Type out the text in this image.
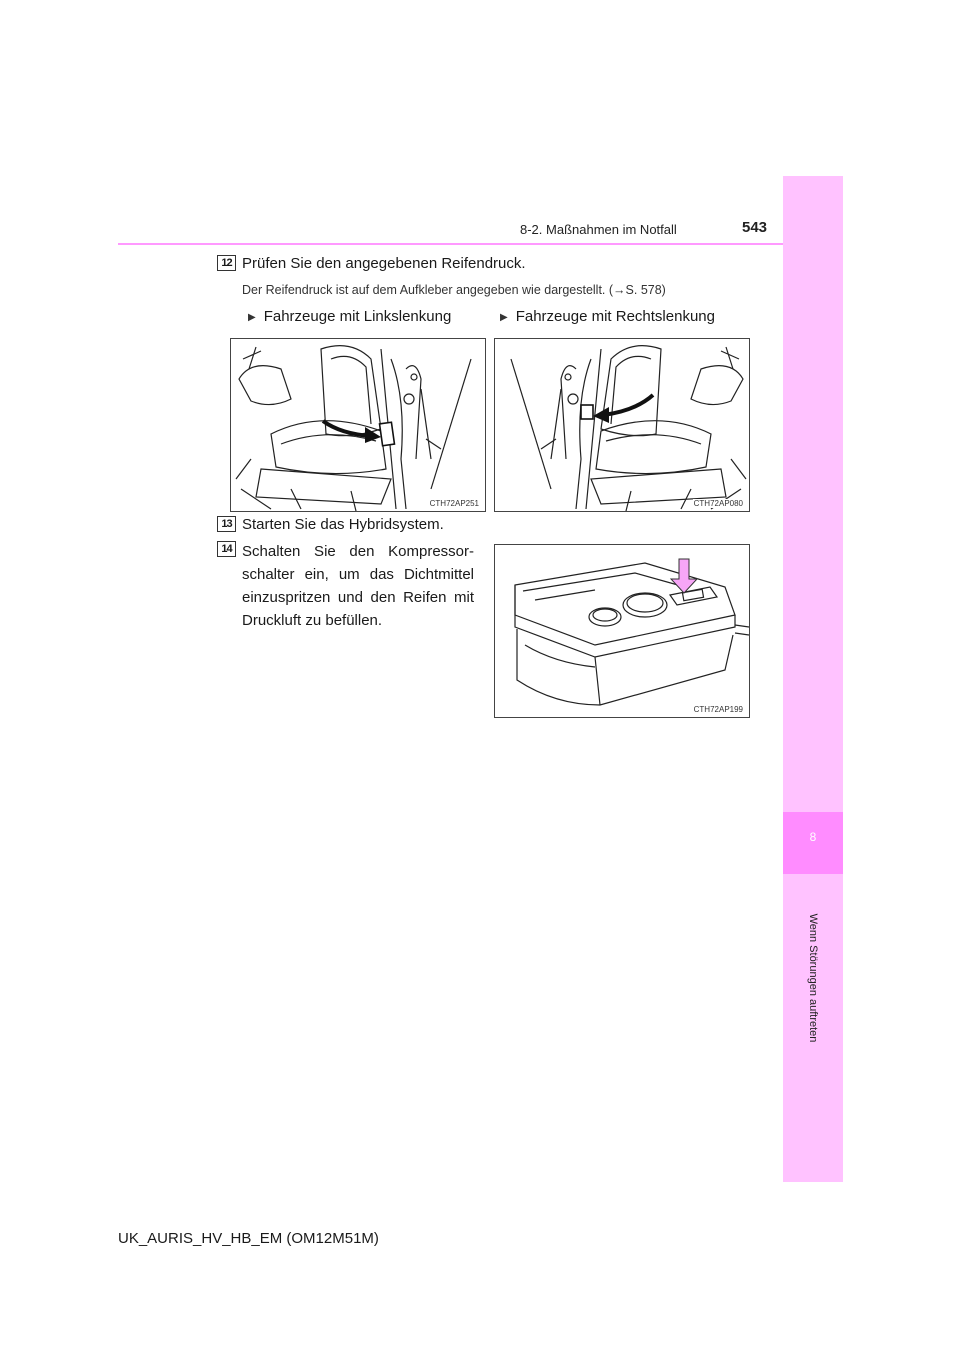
8
Wenn Störungen auftreten
8-2. Maßnahmen im Notfall	543
12 Prüfen Sie den angegebenen Reifendruck.
Der Reifendruck ist auf dem Aufkleber angegeben wie dargestellt. (→S. 578)
▶ Fahrzeuge mit Linkslenkung	▶ Fahrzeuge mit Rechtslenkung
CTH72AP251	CTH72AP080
13 Starten Sie das Hybridsystem.
14 Schalten Sie den Kompressor-schalter ein, um das Dichtmittel einzuspritzen und den Reifen mit Druckluft zu befüllen.
CTH72AP199
UK_AURIS_HV_HB_EM (OM12M51M)
